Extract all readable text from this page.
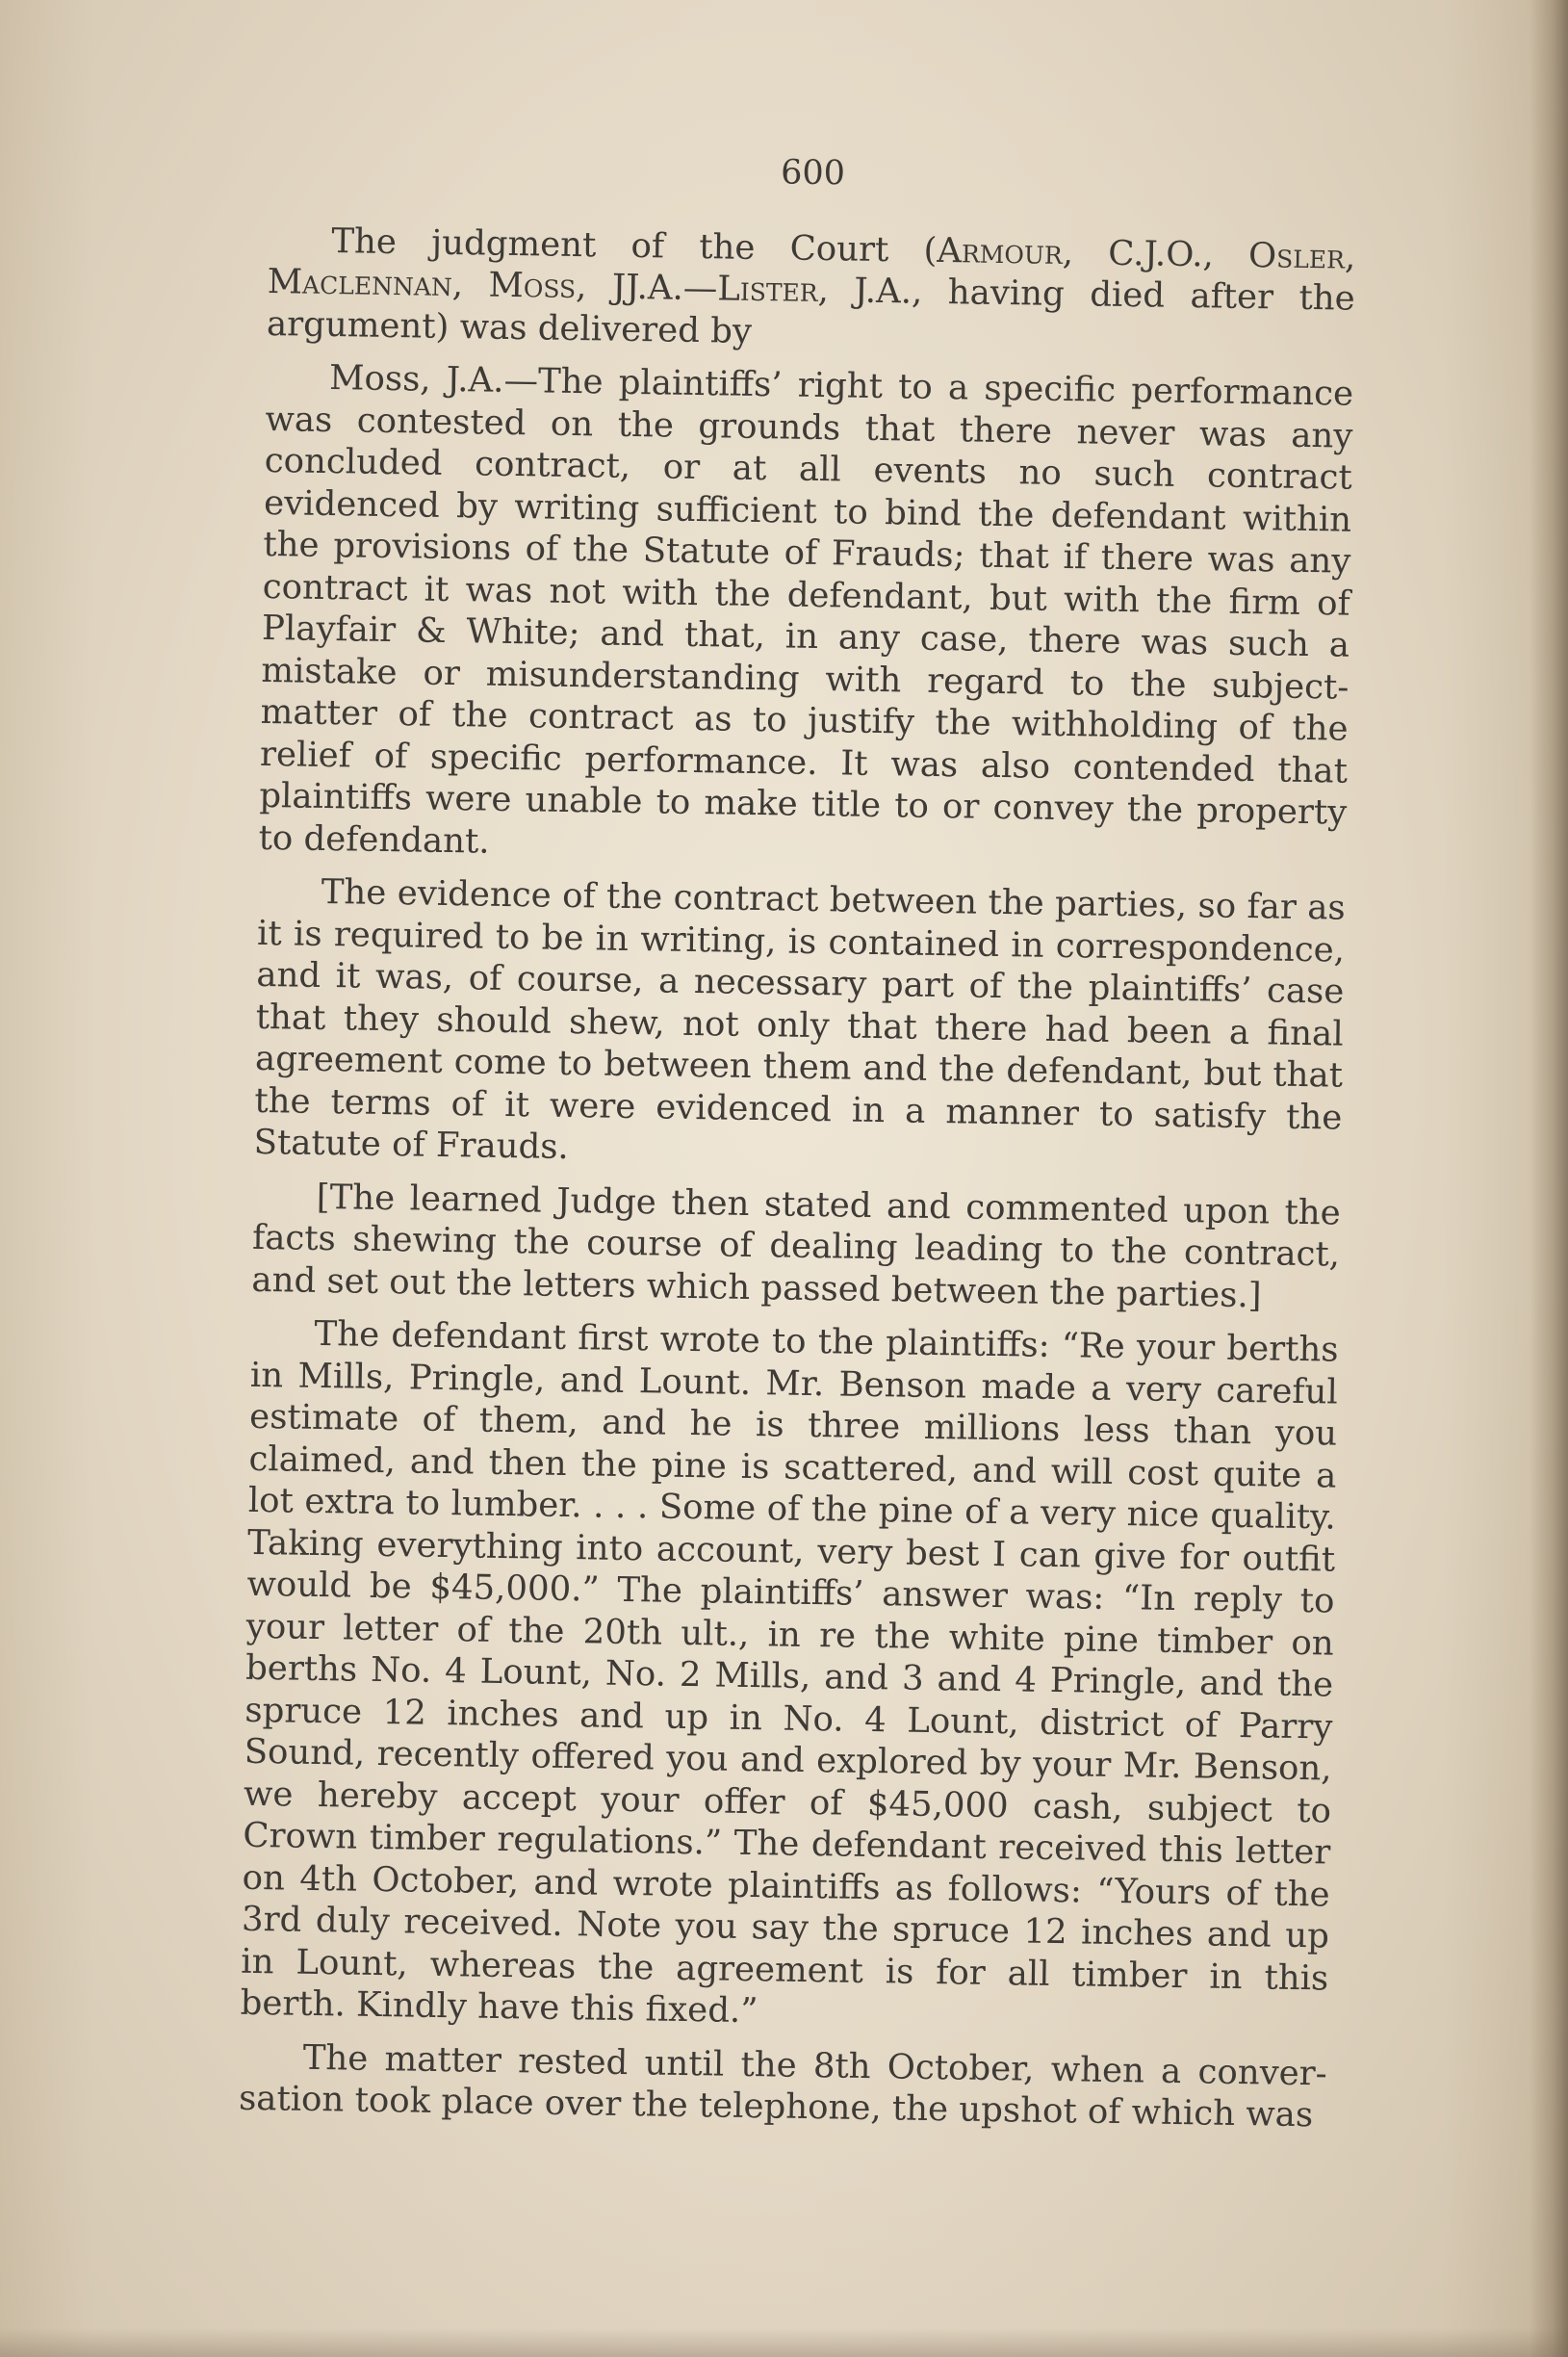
600

The judgment of the Court (Armour, C.J.O., Osler, Maclennan, Moss, JJ.A.—Lister, J.A., having died after the argument) was delivered by

Moss, J.A.—The plaintiffs’ right to a specific performance was contested on the grounds that there never was any concluded contract, or at all events no such contract evidenced by writing sufficient to bind the defendant within the provisions of the Statute of Frauds; that if there was any contract it was not with the defendant, but with the firm of Playfair & White; and that, in any case, there was such a mistake or misunderstanding with regard to the subject-matter of the contract as to justify the withholding of the relief of specific performance. It was also contended that plaintiffs were unable to make title to or convey the property to defendant.

The evidence of the contract between the parties, so far as it is required to be in writing, is contained in correspondence, and it was, of course, a necessary part of the plaintiffs’ case that they should shew, not only that there had been a final agreement come to between them and the defendant, but that the terms of it were evidenced in a manner to satisfy the Statute of Frauds.

[The learned Judge then stated and commented upon the facts shewing the course of dealing leading to the contract, and set out the letters which passed between the parties.]

The defendant first wrote to the plaintiffs: “Re your berths in Mills, Pringle, and Lount. Mr. Benson made a very careful estimate of them, and he is three millions less than you claimed, and then the pine is scattered, and will cost quite a lot extra to lumber. . . . Some of the pine of a very nice quality. Taking everything into account, very best I can give for outfit would be $45,000.” The plaintiffs’ answer was: “In reply to your letter of the 20th ult., in re the white pine timber on berths No. 4 Lount, No. 2 Mills, and 3 and 4 Pringle, and the spruce 12 inches and up in No. 4 Lount, district of Parry Sound, recently offered you and explored by your Mr. Benson, we hereby accept your offer of $45,000 cash, subject to Crown timber regulations.” The defendant received this letter on 4th October, and wrote plaintiffs as follows: “Yours of the 3rd duly received. Note you say the spruce 12 inches and up in Lount, whereas the agreement is for all timber in this berth. Kindly have this fixed.”

The matter rested until the 8th October, when a conversation took place over the telephone, the upshot of which was
